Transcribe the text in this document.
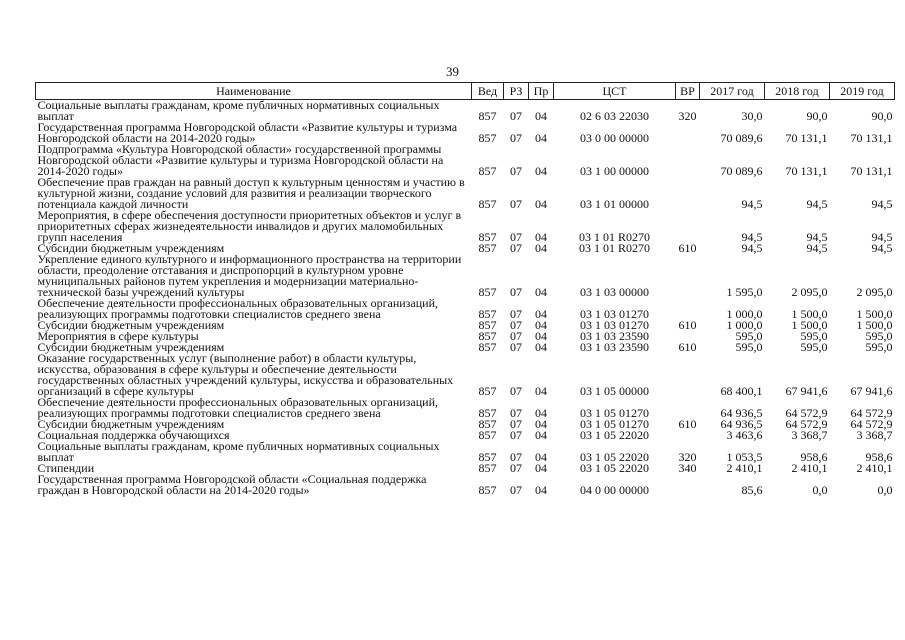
39
Наименование	Вед	РЗ	Пр	ЦСТ	ВР	2017 год	2018 год	2019 год
Социальные выплаты гражданам, кроме публичных нормативных социальных выплат	857	07	04	02 6 03 22030	320	30,0	90,0	90,0
Государственная программа Новгородской области «Развитие культуры и туризма Новгородской области на 2014-2020 годы»	857	07	04	03 0 00 00000		70 089,6	70 131,1	70 131,1
Подпрограмма «Культура Новгородской области» государственной программы Новгородской области «Развитие культуры и туризма Новгородской области на 2014-2020 годы»	857	07	04	03 1 00 00000		70 089,6	70 131,1	70 131,1
Обеспечение прав граждан на равный доступ к культурным ценностям и участию в культурной жизни, создание условий для развития и реализации творческого потенциала каждой личности	857	07	04	03 1 01 00000		94,5	94,5	94,5
Мероприятия, в сфере обеспечения доступности приоритетных объектов и услуг в приоритетных сферах жизнедеятельности инвалидов и других маломобильных групп населения	857	07	04	03 1 01 R0270		94,5	94,5	94,5
Субсидии бюджетным учреждениям	857	07	04	03 1 01 R0270	610	94,5	94,5	94,5
Укрепление единого культурного и информационного пространства на территории области, преодоление отставания и диспропорций в культурном уровне муниципальных районов путем укрепления и модернизации материально-технической базы учреждений культуры	857	07	04	03 1 03 00000		1 595,0	2 095,0	2 095,0
Обеспечение деятельности профессиональных образовательных организаций, реализующих программы подготовки специалистов среднего звена	857	07	04	03 1 03 01270		1 000,0	1 500,0	1 500,0
Субсидии бюджетным учреждениям	857	07	04	03 1 03 01270	610	1 000,0	1 500,0	1 500,0
Мероприятия в сфере культуры	857	07	04	03 1 03 23590		595,0	595,0	595,0
Субсидии бюджетным учреждениям	857	07	04	03 1 03 23590	610	595,0	595,0	595,0
Оказание государственных услуг (выполнение работ) в области культуры, искусства, образования в сфере культуры и обеспечение деятельности государственных областных учреждений культуры, искусства и образовательных организаций в сфере культуры	857	07	04	03 1 05 00000		68 400,1	67 941,6	67 941,6
Обеспечение деятельности профессиональных образовательных организаций, реализующих программы подготовки специалистов среднего звена	857	07	04	03 1 05 01270		64 936,5	64 572,9	64 572,9
Субсидии бюджетным учреждениям	857	07	04	03 1 05 01270	610	64 936,5	64 572,9	64 572,9
Социальная поддержка обучающихся	857	07	04	03 1 05 22020		3 463,6	3 368,7	3 368,7
Социальные выплаты гражданам, кроме публичных нормативных социальных выплат	857	07	04	03 1 05 22020	320	1 053,5	958,6	958,6
Стипендии	857	07	04	03 1 05 22020	340	2 410,1	2 410,1	2 410,1
Государственная программа Новгородской области «Социальная поддержка граждан в Новгородской области на 2014-2020 годы»	857	07	04	04 0 00 00000		85,6	0,0	0,0
